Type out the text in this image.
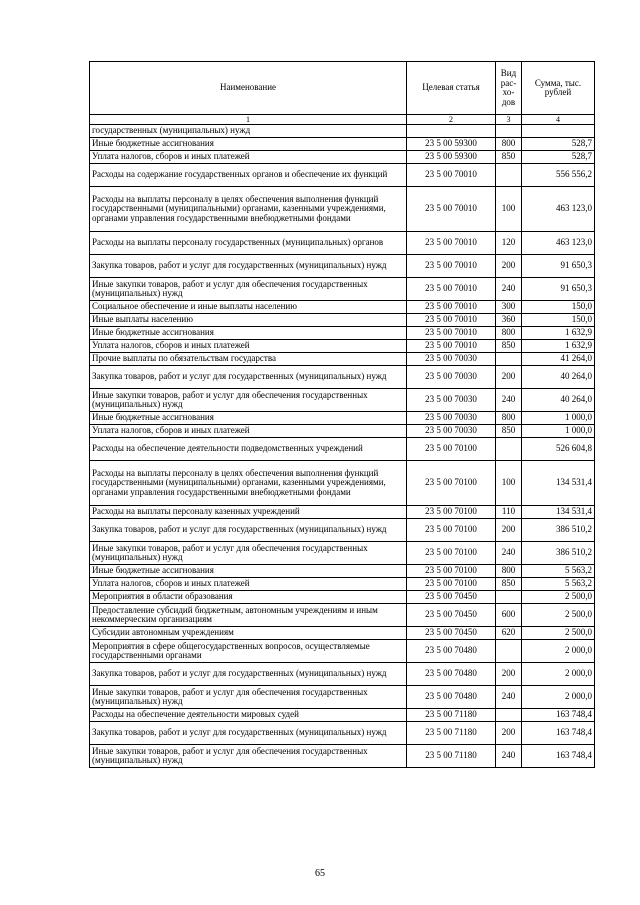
Наименование	Целевая статья	Вид рас-хо-дов	Сумма, тыс. рублей
1	2	3	4
государственных (муниципальных) нужд			
Иные бюджетные ассигнования	23 5 00 59300	800	528,7
Уплата налогов, сборов и иных платежей	23 5 00 59300	850	528,7
Расходы на содержание государственных органов и обеспечение их функций	23 5 00 70010		556 556,2
Расходы на выплаты персоналу в целях обеспечения выполнения функций государственными (муниципальными) органами, казенными учреждениями, органами управления государственными внебюджетными фондами	23 5 00 70010	100	463 123,0
Расходы на выплаты персоналу государственных (муниципальных) органов	23 5 00 70010	120	463 123,0
Закупка товаров, работ и услуг для государственных (муниципальных) нужд	23 5 00 70010	200	91 650,3
Иные закупки товаров, работ и услуг для обеспечения государственных (муниципальных) нужд	23 5 00 70010	240	91 650,3
Социальное обеспечение и иные выплаты населению	23 5 00 70010	300	150,0
Иные выплаты населению	23 5 00 70010	360	150,0
Иные бюджетные ассигнования	23 5 00 70010	800	1 632,9
Уплата налогов, сборов и иных платежей	23 5 00 70010	850	1 632,9
Прочие выплаты по обязательствам государства	23 5 00 70030		41 264,0
Закупка товаров, работ и услуг для государственных (муниципальных) нужд	23 5 00 70030	200	40 264,0
Иные закупки товаров, работ и услуг для обеспечения государственных (муниципальных) нужд	23 5 00 70030	240	40 264,0
Иные бюджетные ассигнования	23 5 00 70030	800	1 000,0
Уплата налогов, сборов и иных платежей	23 5 00 70030	850	1 000,0
Расходы на обеспечение деятельности подведомственных учреждений	23 5 00 70100		526 604,8
Расходы на выплаты персоналу в целях обеспечения выполнения функций государственными (муниципальными) органами, казенными учреждениями, органами управления государственными внебюджетными фондами	23 5 00 70100	100	134 531,4
Расходы на выплаты персоналу казенных учреждений	23 5 00 70100	110	134 531,4
Закупка товаров, работ и услуг для государственных (муниципальных) нужд	23 5 00 70100	200	386 510,2
Иные закупки товаров, работ и услуг для обеспечения государственных (муниципальных) нужд	23 5 00 70100	240	386 510,2
Иные бюджетные ассигнования	23 5 00 70100	800	5 563,2
Уплата налогов, сборов и иных платежей	23 5 00 70100	850	5 563,2
Мероприятия в области образования	23 5 00 70450		2 500,0
Предоставление субсидий бюджетным, автономным учреждениям и иным некоммерческим организациям	23 5 00 70450	600	2 500,0
Субсидии автономным учреждениям	23 5 00 70450	620	2 500,0
Мероприятия в сфере общегосударственных вопросов, осуществляемые государственными органами	23 5 00 70480		2 000,0
Закупка товаров, работ и услуг для государственных (муниципальных) нужд	23 5 00 70480	200	2 000,0
Иные закупки товаров, работ и услуг для обеспечения государственных (муниципальных) нужд	23 5 00 70480	240	2 000,0
Расходы на обеспечение деятельности мировых судей	23 5 00 71180		163 748,4
Закупка товаров, работ и услуг для государственных (муниципальных) нужд	23 5 00 71180	200	163 748,4
Иные закупки товаров, работ и услуг для обеспечения государственных (муниципальных) нужд	23 5 00 71180	240	163 748,4
65
